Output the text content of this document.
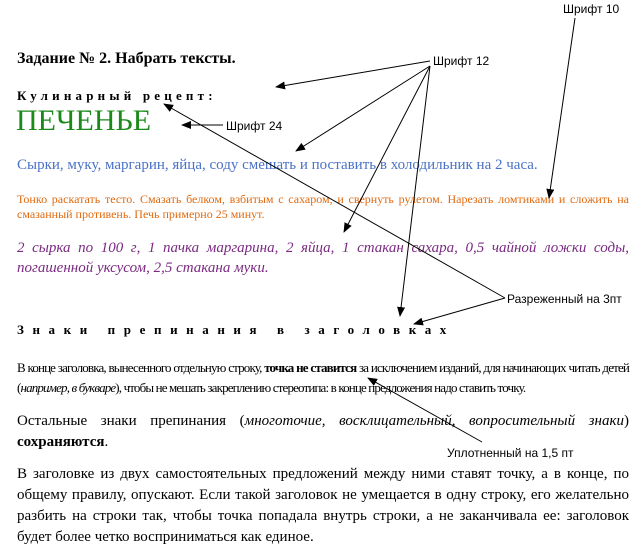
Задание № 2. Набрать тексты.
Кулинарный рецепт:
ПЕЧЕНЬЕ
Сырки, муку, маргарин, яйца, соду смешать и поставить в холодильник на 2 часа.
Тонко раскатать тесто. Смазать белком, взбитым с сахаром, и свернуть рулетом. Нарезать ломтиками и сложить на смазанный противень. Печь примерно 25 минут.
2 сырка по 100 г, 1 пачка маргарина, 2 яйца, 1 стакан сахара, 0,5 чайной ложки соды, погашенной уксусом, 2,5 стакана муки.
Знаки препинания в заголовках
В конце заголовка, вынесенного отдельную строку, точка не ставится за исключением изданий, для начинающих читать детей (например, в букваре), чтобы не мешать закреплению стереотипа: в конце предложения надо ставить точку.
Остальные знаки препинания (многоточие, восклицательный, вопросительный знаки) сохраняются.
В заголовке из двух самостоятельных предложений между ними ставят точку, а в конце, по общему правилу, опускают. Если такой заголовок не умещается в одну строку, его желательно разбить на строки так, чтобы точка попадала внутрь строки, а не заканчивала ее: заголовок будет более четко восприниматься как единое.
Шрифт 10
Шрифт 12
Шрифт 24
Разреженный на 3пт
Уплотненный на 1,5 пт
